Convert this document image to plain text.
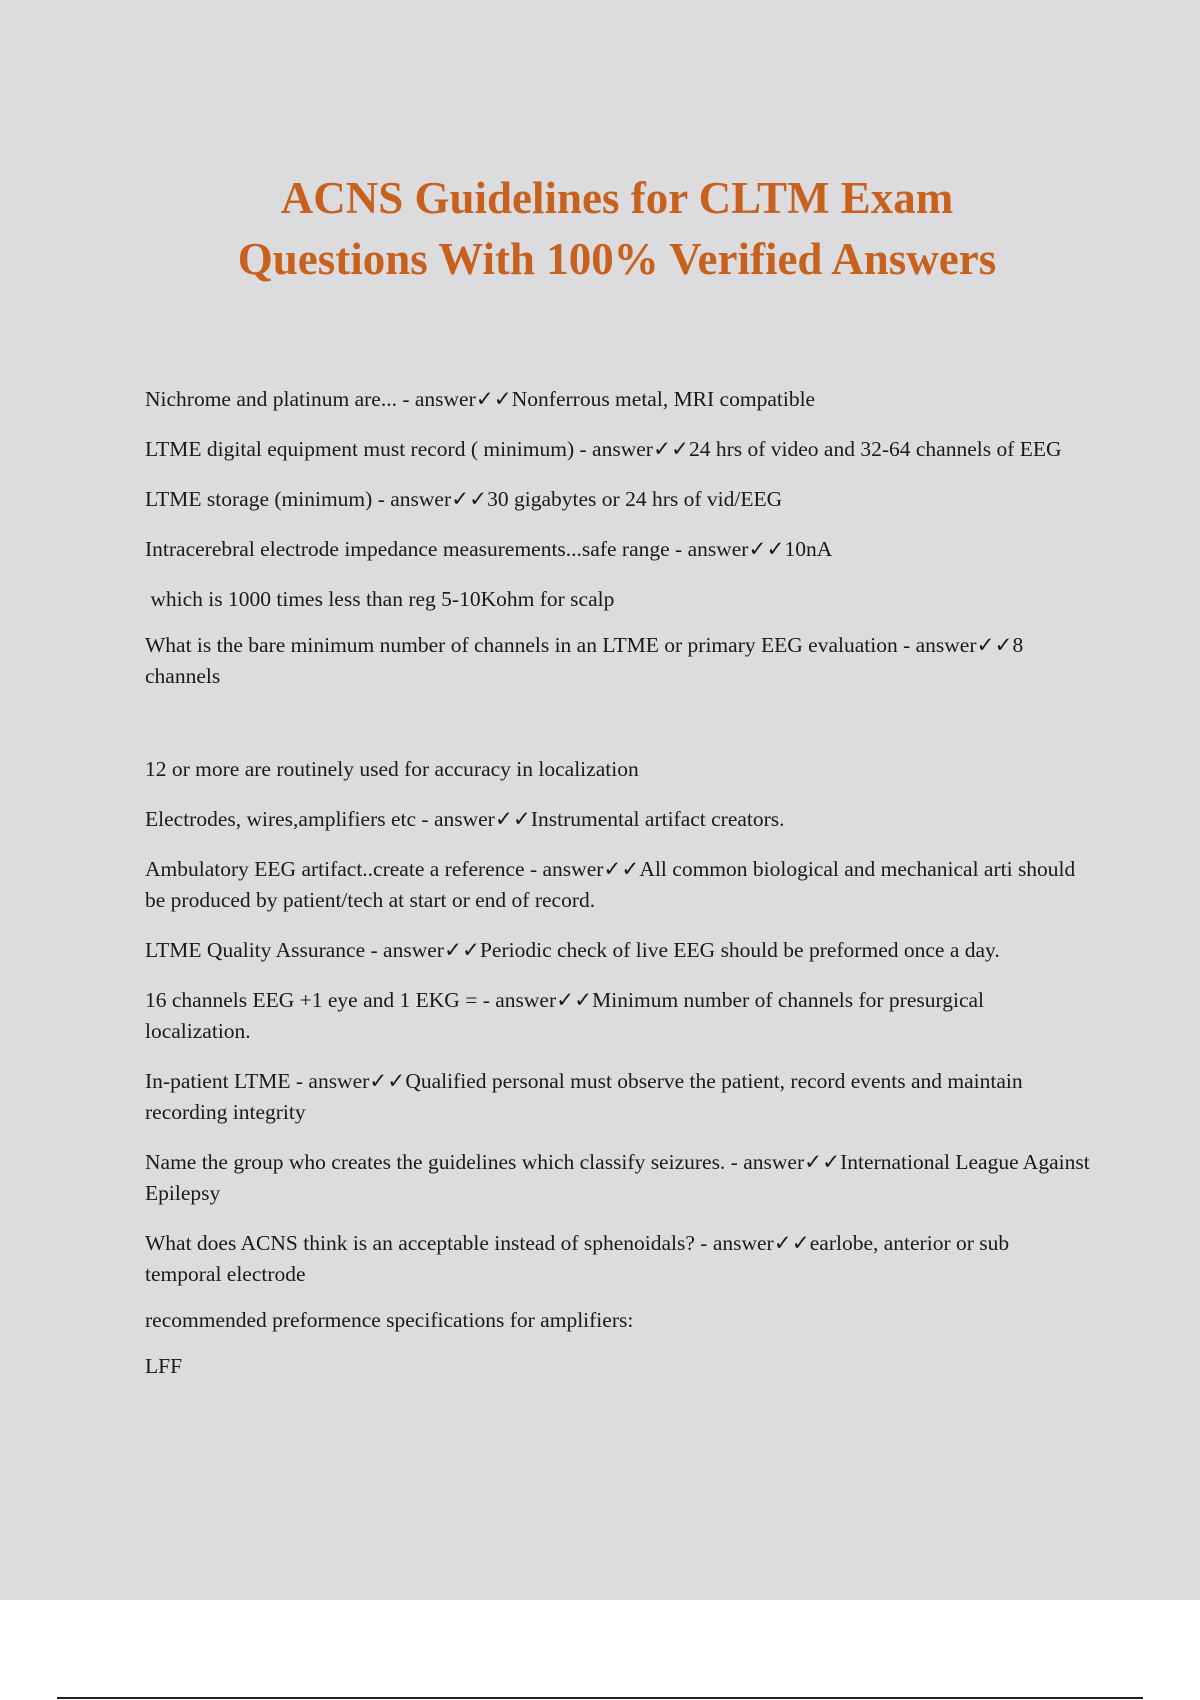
ACNS Guidelines for CLTM Exam
Questions With 100% Verified Answers

Nichrome and platinum are... - answer✓✓Nonferrous metal, MRI compatible

LTME digital equipment must record ( minimum) - answer✓✓24 hrs of video and 32-64 channels of EEG

LTME storage (minimum) - answer✓✓30 gigabytes or 24 hrs of vid/EEG

Intracerebral electrode impedance measurements...safe range - answer✓✓10nA

which is 1000 times less than reg 5-10Kohm for scalp

What is the bare minimum number of channels in an LTME or primary EEG evaluation - answer✓✓8 channels

12 or more are routinely used for accuracy in localization

Electrodes, wires,amplifiers etc - answer✓✓Instrumental artifact creators.

Ambulatory EEG artifact..create a reference - answer✓✓All common biological and mechanical arti should be produced by patient/tech at start or end of record.

LTME Quality Assurance - answer✓✓Periodic check of live EEG should be preformed once a day.

16 channels EEG +1 eye and 1 EKG = - answer✓✓Minimum number of channels for presurgical localization.

In-patient LTME - answer✓✓Qualified personal must observe the patient, record events and maintain recording integrity

Name the group who creates the guidelines which classify seizures. - answer✓✓International League Against Epilepsy

What does ACNS think is an acceptable instead of sphenoidals? - answer✓✓earlobe, anterior or sub temporal electrode

recommended preformence specifications for amplifiers:

LFF
